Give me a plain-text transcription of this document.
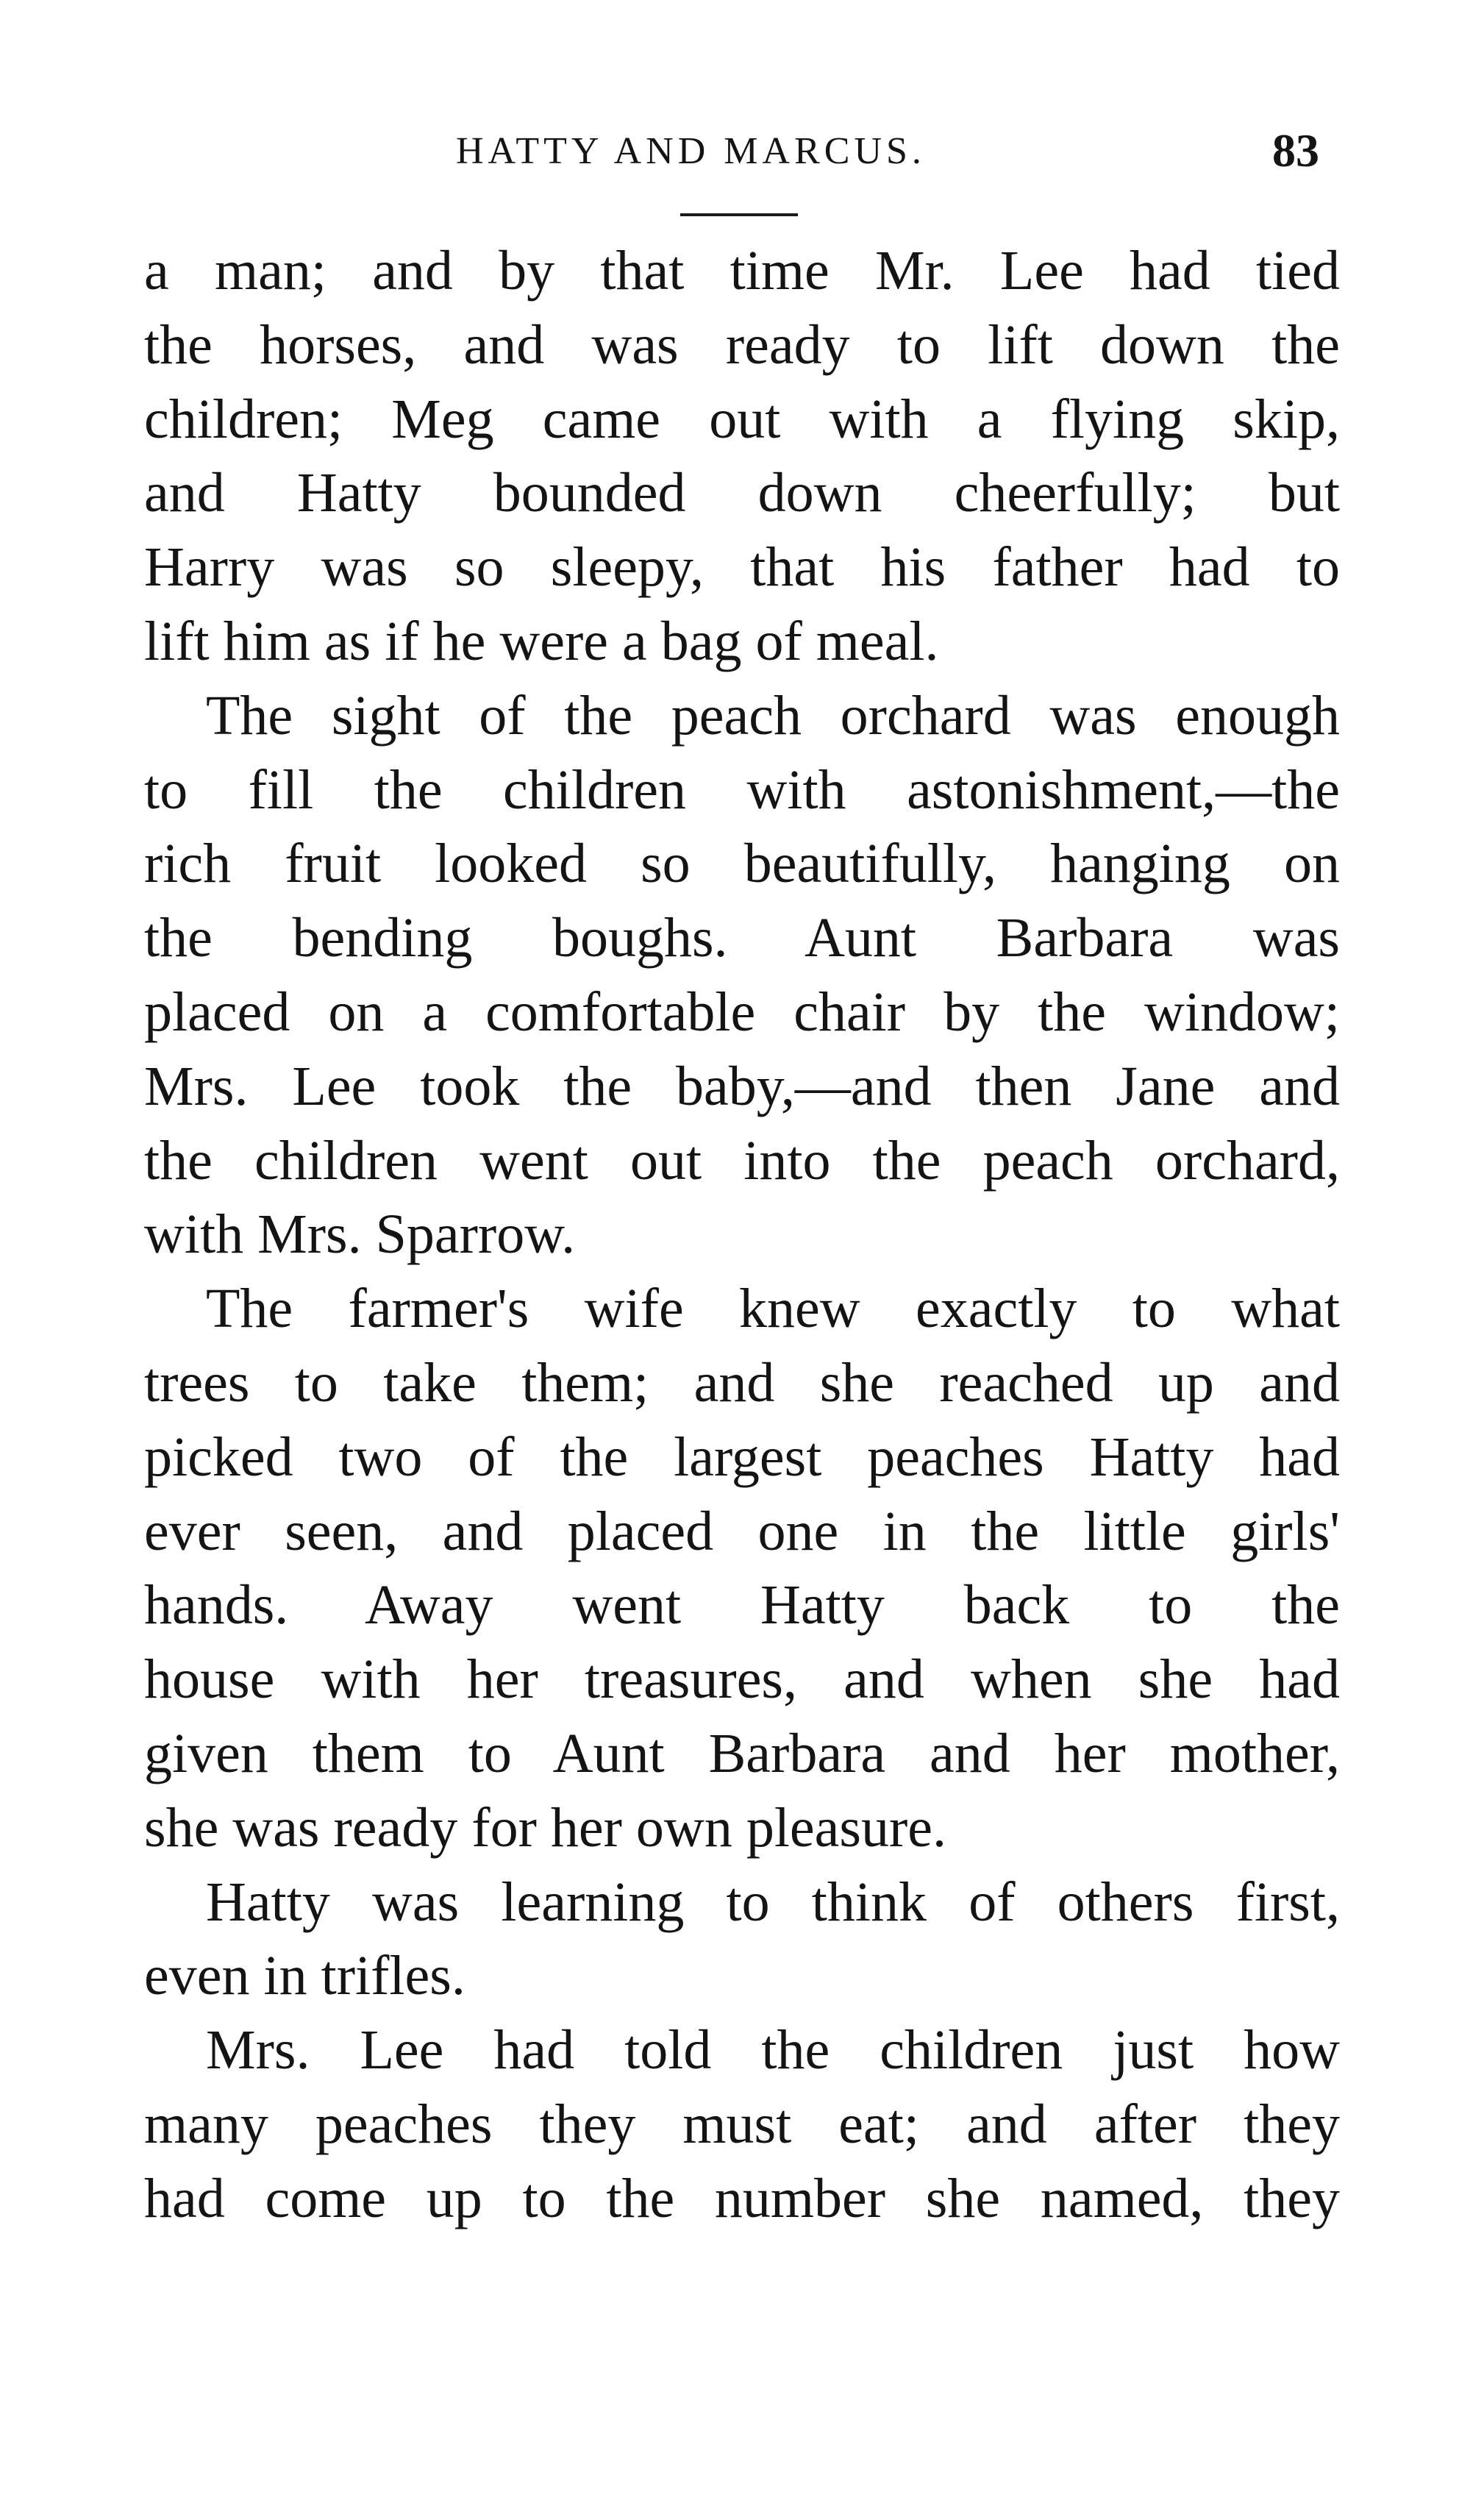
HATTY AND MARCUS.	83
a man; and by that time Mr. Lee had tied
the horses, and was ready to lift down the
children; Meg came out with a flying skip,
and Hatty bounded down cheerfully; but
Harry was so sleepy, that his father had to
lift him as if he were a bag of meal.
The sight of the peach orchard was enough
to fill the children with astonishment,—the
rich fruit looked so beautifully, hanging on
the bending boughs. Aunt Barbara was
placed on a comfortable chair by the window;
Mrs. Lee took the baby,—and then Jane and
the children went out into the peach orchard,
with Mrs. Sparrow.
The farmer's wife knew exactly to what
trees to take them; and she reached up and
picked two of the largest peaches Hatty had
ever seen, and placed one in the little girls'
hands. Away went Hatty back to the
house with her treasures, and when she had
given them to Aunt Barbara and her mother,
she was ready for her own pleasure.
Hatty was learning to think of others first,
even in trifles.
Mrs. Lee had told the children just how
many peaches they must eat; and after they
had come up to the number she named, they
